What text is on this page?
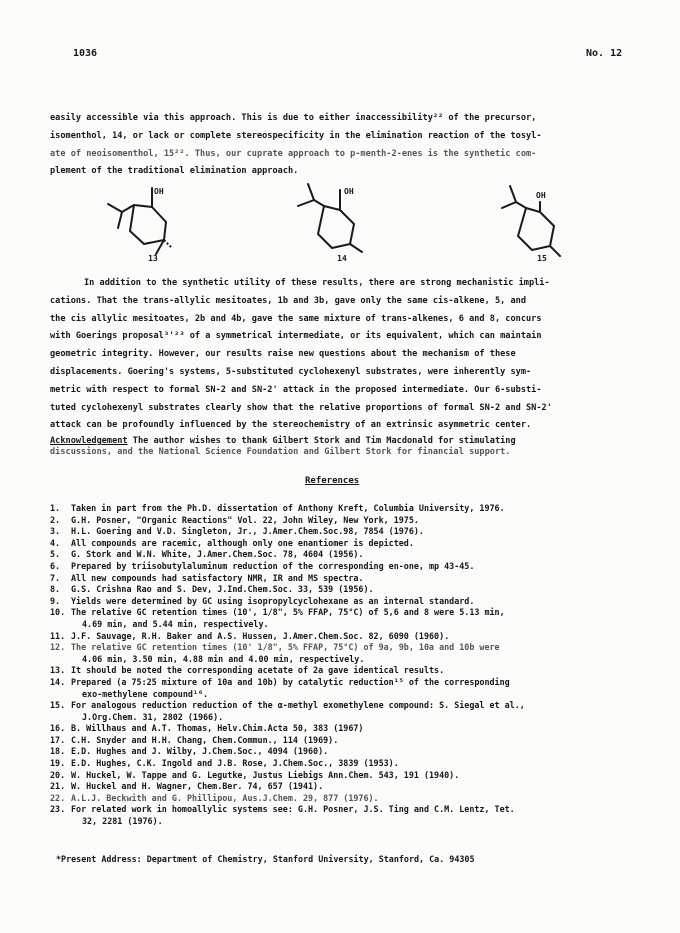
1036	No. 12
easily accessible via this approach. This is due to either inaccessibility²² of the precursor,
isomenthol, 14, or lack or complete stereospecificity in the elimination reaction of the tosyl-
ate of neoisomenthol, 15²². Thus, our cuprate approach to p-menth-2-enes is the synthetic com-
plement of the traditional elimination approach.
OH	OH	OH
13	14	15
In addition to the synthetic utility of these results, there are strong mechanistic impli-
cations. That the trans-allylic mesitoates, 1b and 3b, gave only the same cis-alkene, 5, and
the cis allylic mesitoates, 2b and 4b, gave the same mixture of trans-alkenes, 6 and 8, concurs
with Goerings proposal³'²³ of a symmetrical intermediate, or its equivalent, which can maintain
geometric integrity. However, our results raise new questions about the mechanism of these
displacements. Goering's systems, 5-substituted cyclohexenyl substrates, were inherently sym-
metric with respect to formal SN-2 and SN-2' attack in the proposed intermediate. Our 6-substi-
tuted cyclohexenyl substrates clearly show that the relative proportions of formal SN-2 and SN-2'
attack can be profoundly influenced by the stereochemistry of an extrinsic asymmetric center.
Acknowledgement The author wishes to thank Gilbert Stork and Tim Macdonald for stimulating
discussions, and the National Science Foundation and Gilbert Stork for financial support.
References
1.	Taken in part from the Ph.D. dissertation of Anthony Kreft, Columbia University, 1976.
2.	G.H. Posner, "Organic Reactions" Vol. 22, John Wiley, New York, 1975.
3.	H.L. Goering and V.D. Singleton, Jr., J.Amer.Chem.Soc.98, 7854 (1976).
4.	All compounds are racemic, although only one enantiomer is depicted.
5.	G. Stork and W.N. White, J.Amer.Chem.Soc. 78, 4604 (1956).
6.	Prepared by triisobutylaluminum reduction of the corresponding en-one, mp 43-45.
7.	All new compounds had satisfactory NMR, IR and MS spectra.
8.	G.S. Crishna Rao and S. Dev, J.Ind.Chem.Soc. 33, 539 (1956).
9.	Yields were determined by GC using isopropylcyclohexane as an internal standard.
10. The relative GC retention times (10', 1/8", 5% FFAP, 75°C) of 5,6 and 8 were 5.13 min,
4.69 min, and 5.44 min, respectively.
11. J.F. Sauvage, R.H. Baker and A.S. Hussen, J.Amer.Chem.Soc. 82, 6090 (1960).
12. The relative GC retention times (10' 1/8", 5% FFAP, 75°C) of 9a, 9b, 10a and 10b were
4.06 min, 3.50 min, 4.88 min and 4.00 min, respectively.
13. It should be noted the corresponding acetate of 2a gave identical results.
14. Prepared (a 75:25 mixture of 10a and 10b) by catalytic reduction¹⁵ of the corresponding
exo-methylene compound¹⁶.
15. For analogous reduction reduction of the α-methyl exomethylene compound: S. Siegal et al.,
J.Org.Chem. 31, 2802 (1966).
16. B. Willhaus and A.T. Thomas, Helv.Chim.Acta 50, 383 (1967)
17. C.H. Snyder and H.H. Chang, Chem.Commun., 114 (1969).
18. E.D. Hughes and J. Wilby, J.Chem.Soc., 4094 (1960).
19. E.D. Hughes, C.K. Ingold and J.B. Rose, J.Chem.Soc., 3839 (1953).
20. W. Huckel, W. Tappe and G. Legutke, Justus Liebigs Ann.Chem. 543, 191 (1940).
21. W. Huckel and H. Wagner, Chem.Ber. 74, 657 (1941).
22. A.L.J. Beckwith and G. Phillipou, Aus.J.Chem. 29, 877 (1976).
23. For related work in homoallylic systems see: G.H. Posner, J.S. Ting and C.M. Lentz, Tet.
32, 2281 (1976).
*Present Address: Department of Chemistry, Stanford University, Stanford, Ca. 94305
